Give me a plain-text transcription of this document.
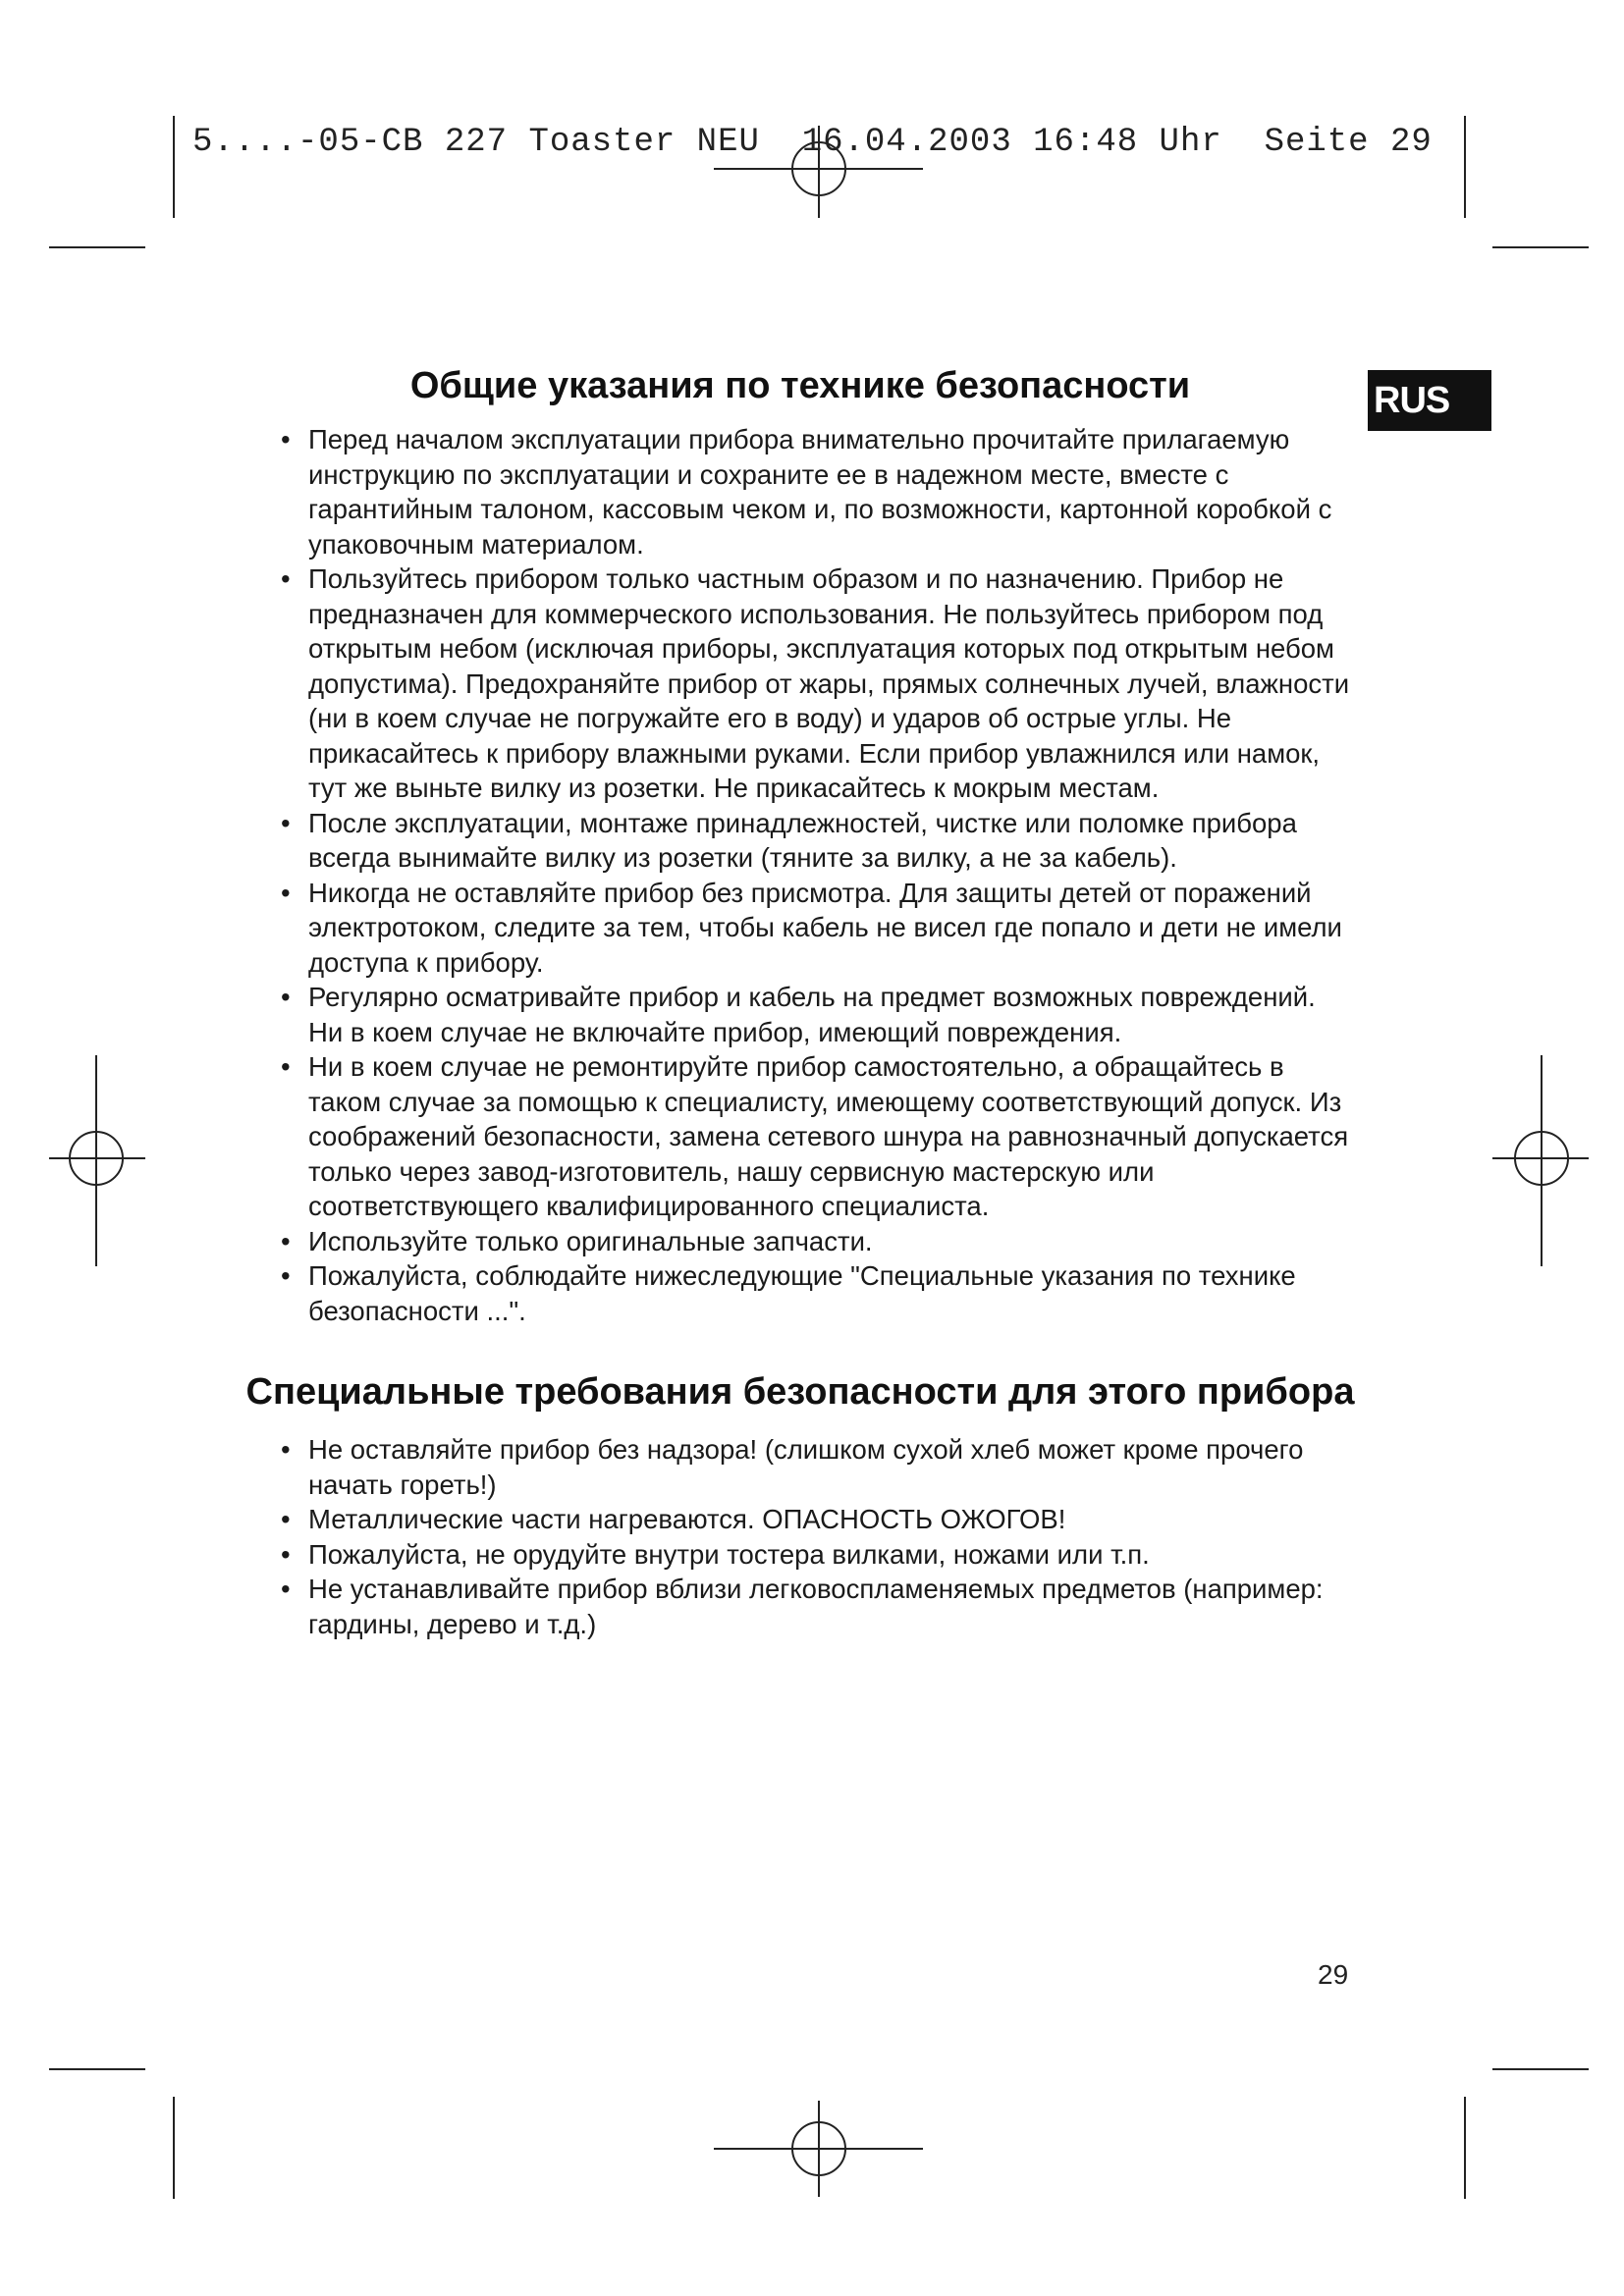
5....-05-CB 227 Toaster NEU  16.04.2003 16:48 Uhr  Seite 29
RUS
Общие указания по технике безопасности
• Перед началом эксплуатации прибора внимательно прочитайте прилагаемую инструкцию по эксплуатации и сохраните ее в надежном месте, вместе с гарантийным талоном, кассовым чеком и, по возможности, картонной коробкой с упаковочным материалом.
• Пользуйтесь прибором только частным образом и по назначению. Прибор не предназначен для коммерческого использования. Не пользуйтесь прибором под открытым небом (исключая приборы, эксплуатация которых под открытым небом допустима). Предохраняйте прибор от жары, прямых солнечных лучей, влажности (ни в коем случае не погружайте его в воду) и ударов об острые углы. Не прикасайтесь к прибору влажными руками. Если прибор увлажнился или намок, тут же выньте вилку из розетки. Не прикасайтесь к мокрым местам.
• После эксплуатации, монтаже принадлежностей, чистке или поломке прибора всегда вынимайте вилку из розетки (тяните за вилку, а не за кабель).
• Никогда не оставляйте прибор без присмотра. Для защиты детей от поражений электротоком, следите за тем, чтобы кабель не висел где попало и дети не имели доступа к прибору.
• Регулярно осматривайте прибор и кабель на предмет возможных повреждений. Ни в коем случае не включайте прибор, имеющий повреждения.
• Ни в коем случае не ремонтируйте прибор самостоятельно, а обращайтесь в таком случае за помощью к специалисту, имеющему соответствующий допуск. Из соображений безопасности, замена сетевого шнура на равнозначный допускается только через завод-изготовитель, нашу сервисную мастерскую или соответствующего квалифицированного специалиста.
• Используйте только оригинальные запчасти.
• Пожалуйста, соблюдайте нижеследующие "Специальные указания по технике безопасности ...".
Специальные требования безопасности для этого прибора
• Не оставляйте прибор без надзора! (слишком сухой хлеб может кроме прочего начать гореть!)
• Металлические части нагреваются. ОПАСНОСТЬ ОЖОГОВ!
• Пожалуйста, не орудуйте внутри тостера вилками, ножами или т.п.
• Не устанавливайте прибор вблизи легковоспламеняемых предметов (например: гардины, дерево и т.д.)
29
